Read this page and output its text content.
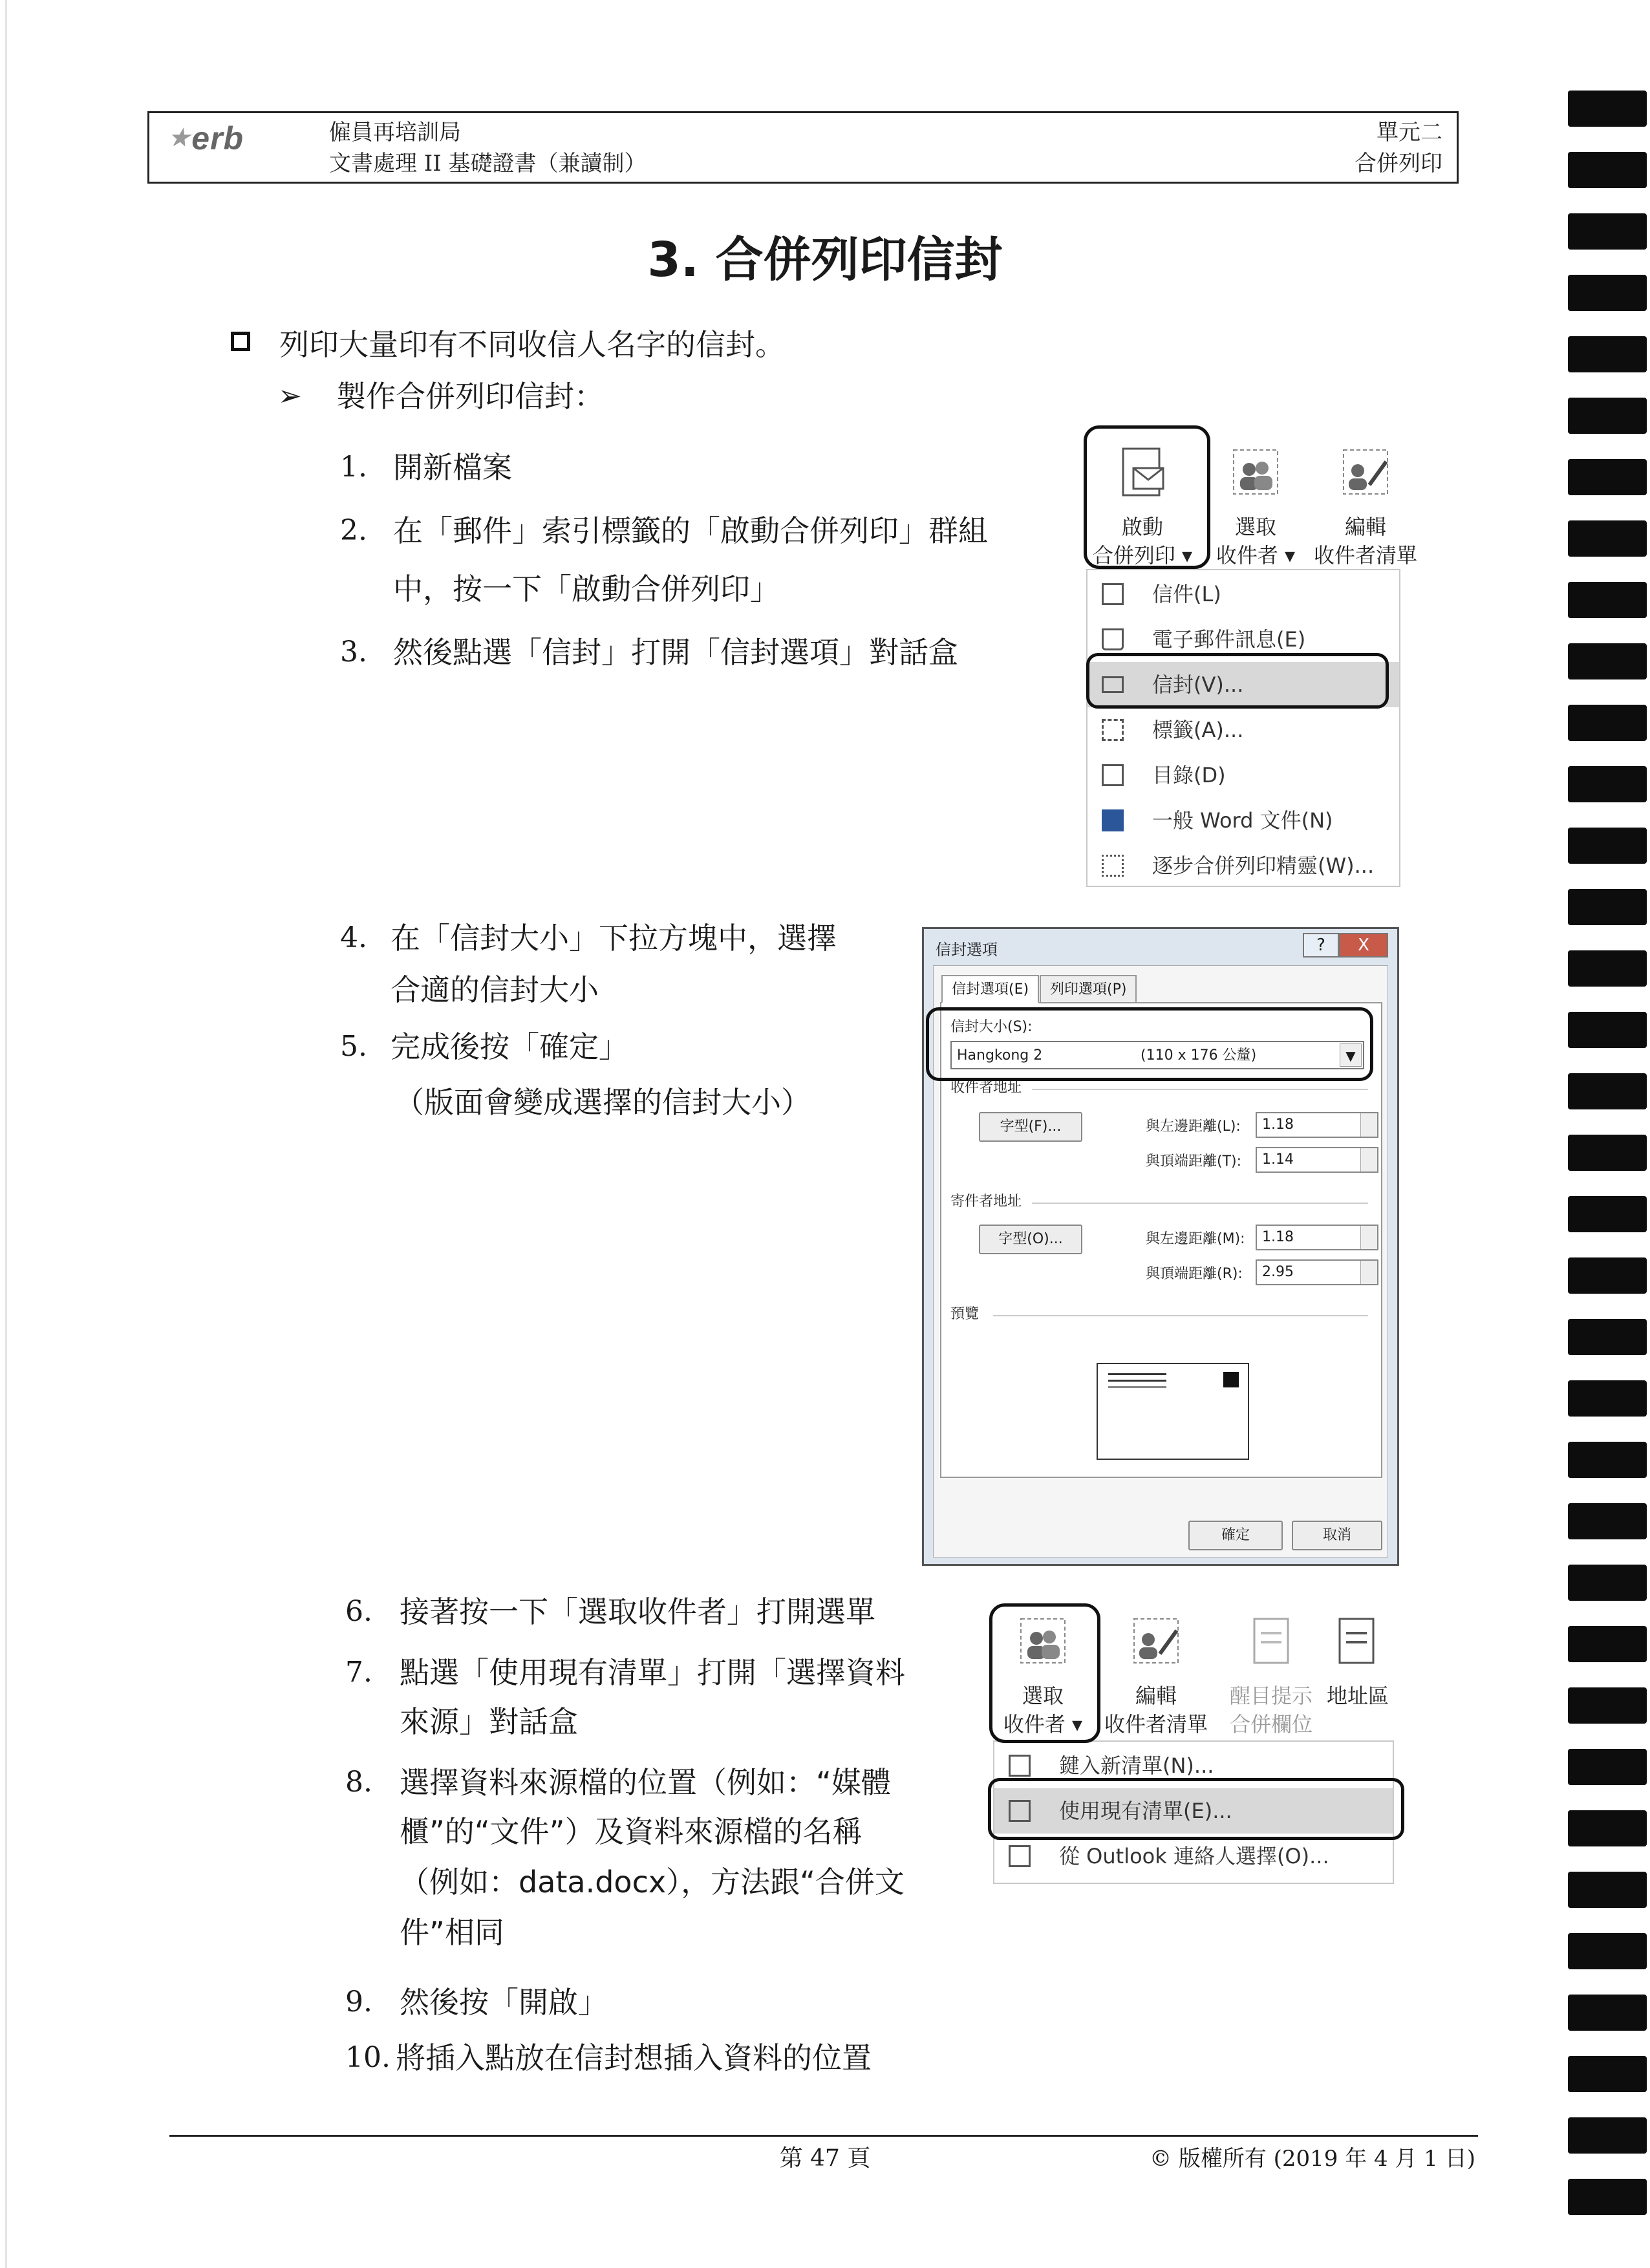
★erb	僱員再培訓局
文書處理 II 基礎證書（兼讀制）
單元二
合併列印
3. 合併列印信封
列印大量印有不同收信人名字的信封。
➢ 製作合併列印信封：
1. 開新檔案
2. 在「郵件」索引標籤的「啟動合併列印」群組
中，按一下「啟動合併列印」
3. 然後點選「信封」打開「信封選項」對話盒
4. 在「信封大小」下拉方塊中，選擇
合適的信封大小
5. 完成後按「確定」
（版面會變成選擇的信封大小）
6. 接著按一下「選取收件者」打開選單
7. 點選「使用現有清單」打開「選擇資料
來源」對話盒
8. 選擇資料來源檔的位置（例如：“媒體
櫃”的“文件”）及資料來源檔的名稱
（例如：data.docx），方法跟“合併文
件”相同
9. 然後按「開啟」
10. 將插入點放在信封想插入資料的位置
啟動
合併列印 ▾
選取
收件者 ▾
編輯
收件者清單
信件(L)
電子郵件訊息(E)
信封(V)...
標籤(A)...
目錄(D)
一般 Word 文件(N)
逐步合併列印精靈(W)...
信封選項	?	X
信封選項(E)	列印選項(P)
信封大小(S):
Hangkong 2	(110 x 176 公釐)	▼
收件者地址
字型(F)...	與左邊距離(L):	1.18
與頂端距離(T):	1.14
寄件者地址
字型(O)...	與左邊距離(M):	1.18
與頂端距離(R):	2.95
預覽
確定	取消
選取
收件者 ▾
編輯
收件者清單
醒目提示
合併欄位
地址區
鍵入新清單(N)...
使用現有清單(E)...
從 Outlook 連絡人選擇(O)...
第 47 頁	© 版權所有 (2019 年 4 月 1 日)
